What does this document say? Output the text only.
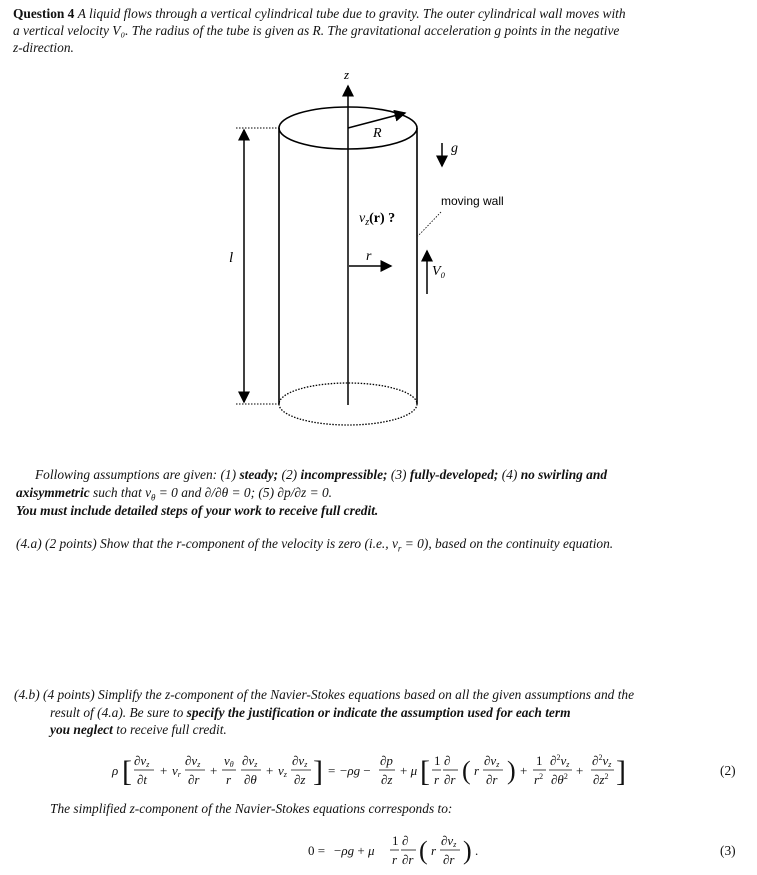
Question 4 A liquid flows through a vertical cylindrical tube due to gravity. The outer cylindrical wall moves with
a vertical velocity V₀. The radius of the tube is given as R. The gravitational acceleration g points in the negative
z-direction.
z
R
g
moving wall
$v_z(r)$ ?
r
V₀
l
Following assumptions are given: (1) steady; (2) incompressible; (3) fully-developed; (4) no swirling and
axisymmetric such that $v_\theta = 0$ and ∂/∂θ = 0; (5) ∂p/∂z = 0.
You must include detailed steps of your work to receive full credit.
(4.a) (2 points) Show that the r-component of the velocity is zero (i.e., $v_r = 0$), based on the continuity equation.
(4.b) (4 points) Simplify the z-component of the Navier-Stokes equations based on all the given assumptions and the
result of (4.a). Be sure to specify the justification or indicate the assumption used for each term
you neglect to receive full credit.
ρ [ ∂vz
∂t
+ vr
∂vz
∂r
+
vθ
r
∂vz
∂θ
+ vz
∂vz
∂z ] = −ρg −
∂p
∂z
+ μ [ 1
r
∂
∂r ( r
∂vz
∂r ) +
1
$r^2$
∂$^2$vz
$\partial\theta^2$ +
∂$^2$vz
$\partial z^2$ ]	(2)
The simplified z-component of the Navier-Stokes equations corresponds to:
0 = −ρg + μ
1
r
∂
∂r ( r
∂vz
∂r ) .	(3)
